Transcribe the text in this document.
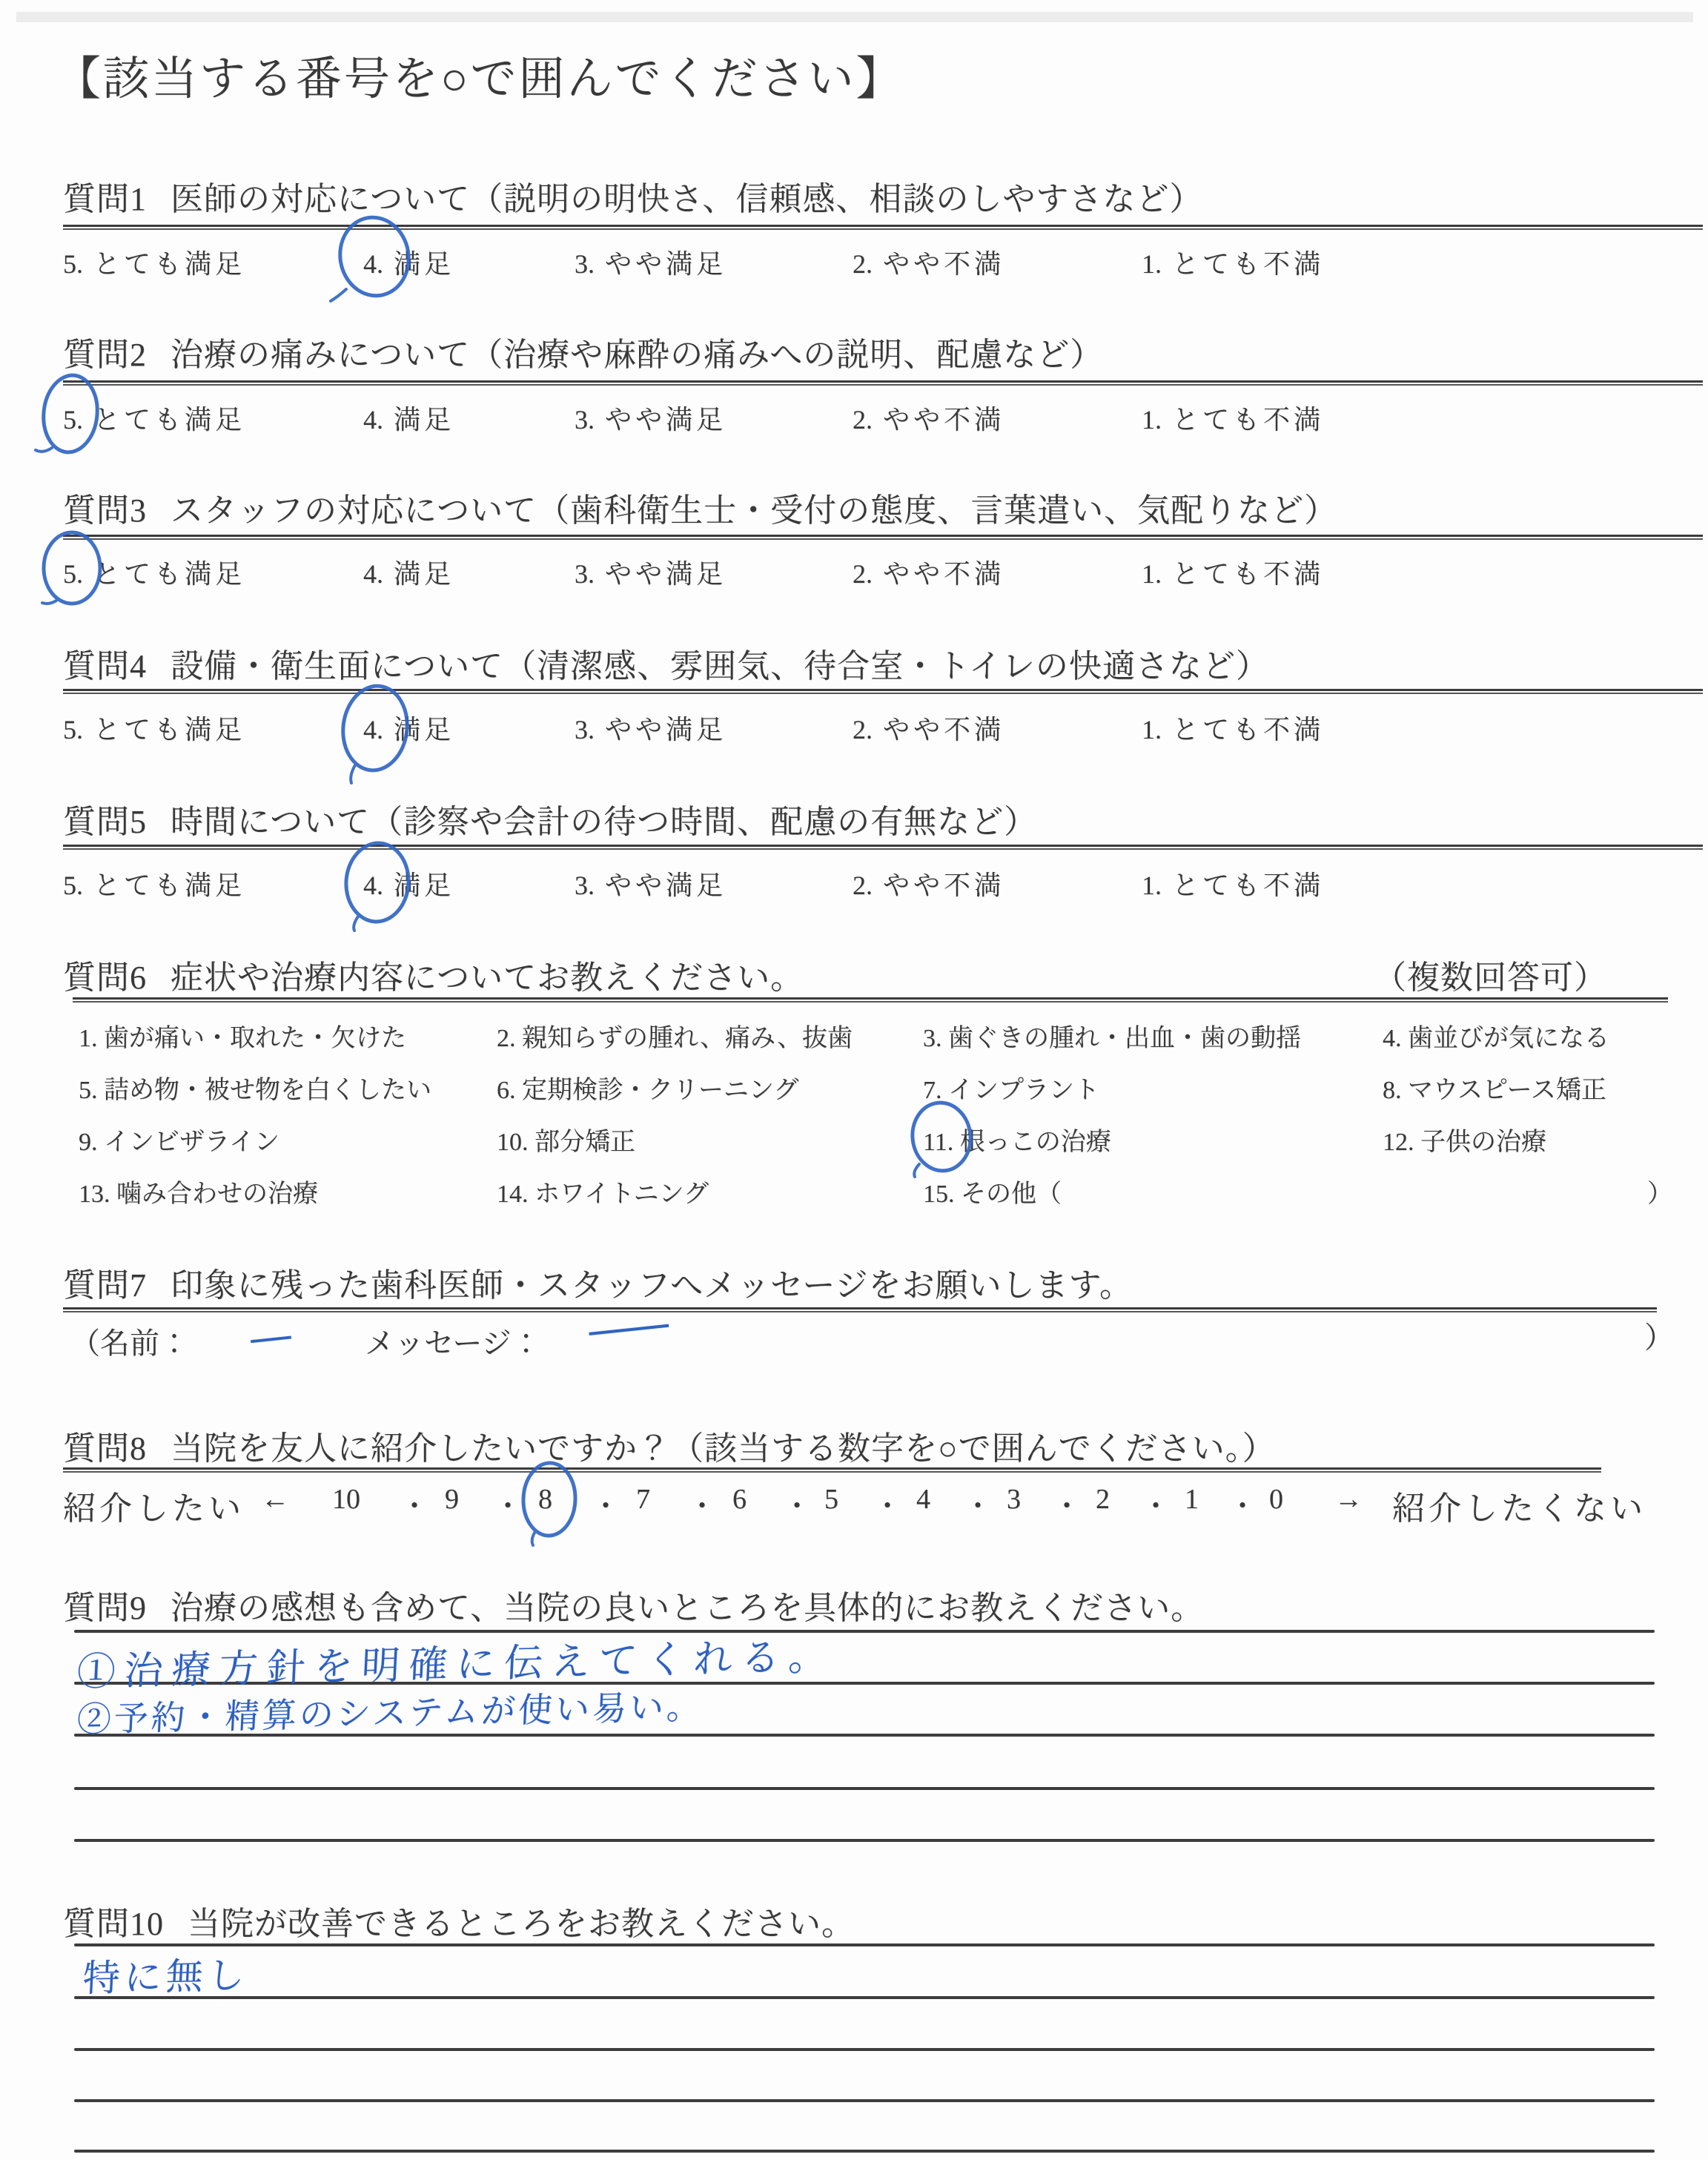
【該当する番号を○で囲んでください】
質問1 医師の対応について（説明の明快さ、信頼感、相談のしやすさなど）
5. とても満足	4. 満足	3. やや満足	2. やや不満	1. とても不満
質問2 治療の痛みについて（治療や麻酔の痛みへの説明、配慮など）
5. とても満足	4. 満足	3. やや満足	2. やや不満	1. とても不満
質問3 スタッフの対応について（歯科衛生士・受付の態度、言葉遣い、気配りなど）
5. とても満足	4. 満足	3. やや満足	2. やや不満	1. とても不満
質問4 設備・衛生面について（清潔感、雰囲気、待合室・トイレの快適さなど）
5. とても満足	4. 満足	3. やや満足	2. やや不満	1. とても不満
質問5 時間について（診察や会計の待つ時間、配慮の有無など）
5. とても満足	4. 満足	3. やや満足	2. やや不満	1. とても不満
質問6 症状や治療内容についてお教えください。	（複数回答可）
1. 歯が痛い・取れた・欠けた	2. 親知らずの腫れ、痛み、抜歯	3. 歯ぐきの腫れ・出血・歯の動揺	4. 歯並びが気になる
5. 詰め物・被せ物を白くしたい	6. 定期検診・クリーニング	7. インプラント	8. マウスピース矯正
9. インビザライン	10. 部分矯正	11. 根っこの治療	12. 子供の治療
13. 噛み合わせの治療	14. ホワイトニング	15. その他（	）
質問7 印象に残った歯科医師・スタッフへメッセージをお願いします。
（名前： — メッセージ： —	）
質問8 当院を友人に紹介したいですか？（該当する数字を○で囲んでください。）
紹介したい ← 10 ・ 9 ・ 8 ・ 7 ・ 6 ・ 5 ・ 4 ・ 3 ・ 2 ・ 1 ・ 0 → 紹介したくない
質問9 治療の感想も含めて、当院の良いところを具体的にお教えください。
①治療方針を明確に伝えてくれる。
②予約・精算のシステムが使い易い。
質問10 当院が改善できるところをお教えください。
特に無し
